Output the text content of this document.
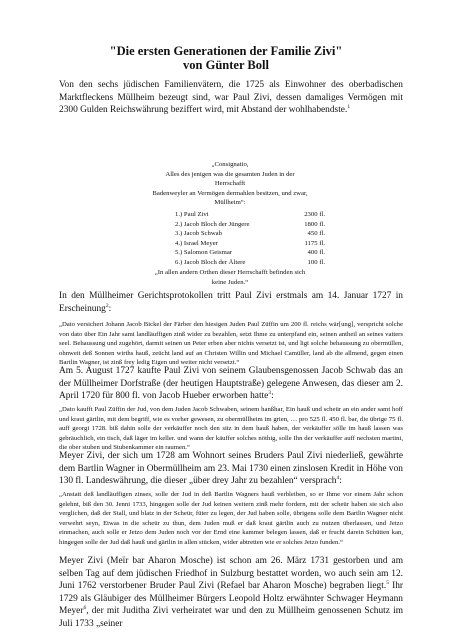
"Die ersten Generationen der Familie Zivi"
von Günter Boll
Von den sechs jüdischen Familienvätern, die 1725 als Einwohner des oberbadischen Marktfleckens Müllheim bezeugt sind, war Paul Zivi, dessen damaliges Vermögen mit 2300 Gulden Reichswährung beziffert wird, mit Abstand der wohlhabendste.$^1$
„Consignatio,
Alles des jenigen was die gesamten Juden in der Herrschafft
Badenweyler an Vermögen dermahlen besitzen, und zwar,
Müllheim“:
1.) Paul Zivi	2300 fl.
2.) Jacob Bloch der Jüngere	1800 fl.
3.) Jacob Schwab	450 fl.
4.) Israel Meyer	1175 fl.
5.) Salomon Geismar	400 fl.
6.) Jacob Bloch der Ältere	100 fl.
„In allen andern Orthen dieser Herrschafft befinden sich
keine Juden.“
In den Müllheimer Gerichtsprotokollen tritt Paul Zivi erstmals am 14. Januar 1727 in Erscheinung$^2$:
„Dato versichert Johann Jacob Bickel der Färber den hiesigen Juden Paul Züffin um 200 fl. reichs wär[ung], verspricht solche von dato über Ein Jahr samt landläuffigen zinß wider zu bezahlen, setzt Ihme zu unterpfand ein, seinen antheil an seines vatters seel. Behaussung und zugehört, darmit seinen un Peter erben aber nichts versetzt ist, und ligt solche behaussung zu obermüllen, ohnweit deß Sonnen wirths hauß, zeücht land auf an Christen Willin und Michael Camüller, land ab die allmend, gegen einen Bartlin Wagner, ist zinß frey ledig Eigen und weiter nicht versetzt.“
Am 5. August 1727 kaufte Paul Zivi von seinem Glaubensgenossen Jacob Schwab das an der Müllheimer Dorfstraße (der heutigen Hauptstraße) gelegene Anwesen, das dieser am 2. April 1720 für 800 fl. von Jacob Hueber erworben hatte$^3$:
„Dato kaufft Paul Züffin der Jud, von dem Juden Jacob Schwaben, seinem hanßhar, Ein hauß und scheür an ein ander samt hoff und kraut gärtlin, mit dem begriff, wie es vorher gewesen, zu obermüllheim im grien, … pro 525 fl. 450 fl. bar, die übrige 75 fl. auff georgi 1728. biß dahin solle der verkäuffer noch den sitz in dem hauß haben, der verkäuffer sölle im hauß lassen was gebräuchlich, ein tisch, daß läger im keller. und wann der käuffer solches nöthig, solle Ihn der verkäuffer auff nechsten martini, die ober stuben und Stubenkammer ein raumen.“
Meyer Zivi, der sich um 1728 am Wohnort seines Bruders Paul Zivi niederließ, gewährte dem Bartlin Wagner in Obermüllheim am 23. Mai 1730 einen zinslosen Kredit in Höhe von 130 fl. Landeswährung, die dieser „über drey Jahr zu bezahlen“ versprach$^4$:
„Anstatt deß landläuffigen zinses, solle der Jud in deß Bartlin Wagners hauß verbleiben, so er Ihme vor einem Jahr schon gelehnt, biß den 30. Jenni 1733, hingegen solle der Jud keinen weitern zinß mehr fordern, mit der scheür haben sie sich also verglichen, daß der Stall, und blatz in der Scheür, füter zu legen, der Jud haben solle, übrigens solle dem Bartlin Wagner nicht verwehrt seyn, Etwas in die scheür zu thun, dem Juden muß er daß kraut gärtlin auch zu nutzen überlassen, und Jetzo einmachen, auch solle er Jetzo dem Juden noch vor der Ernd eine kammer belegen lassen, daß er frucht darein Schütten kan, hingegen solle der Jud daß hauß und gärtlin in allen stücken, wider abtretten wie er solches Jetzo funden.“
Meyer Zivi (Meïr bar Aharon Mosche) ist schon am 26. März 1731 gestorben und am selben Tag auf dem jüdischen Friedhof in Sulzburg bestattet worden, wo auch sein am 12. Juni 1762 verstorbener Bruder Paul Zivi (Refael bar Aharon Mosche) begraben liegt.$^5$ Ihr 1729 als Gläubiger des Müllheimer Bürgers Leopold Holtz erwähnter Schwager Heymann Meyer$^6$, der mit Juditha Zivi verheiratet war und den zu Müllheim genossenen Schutz im Juli 1733 „seiner
